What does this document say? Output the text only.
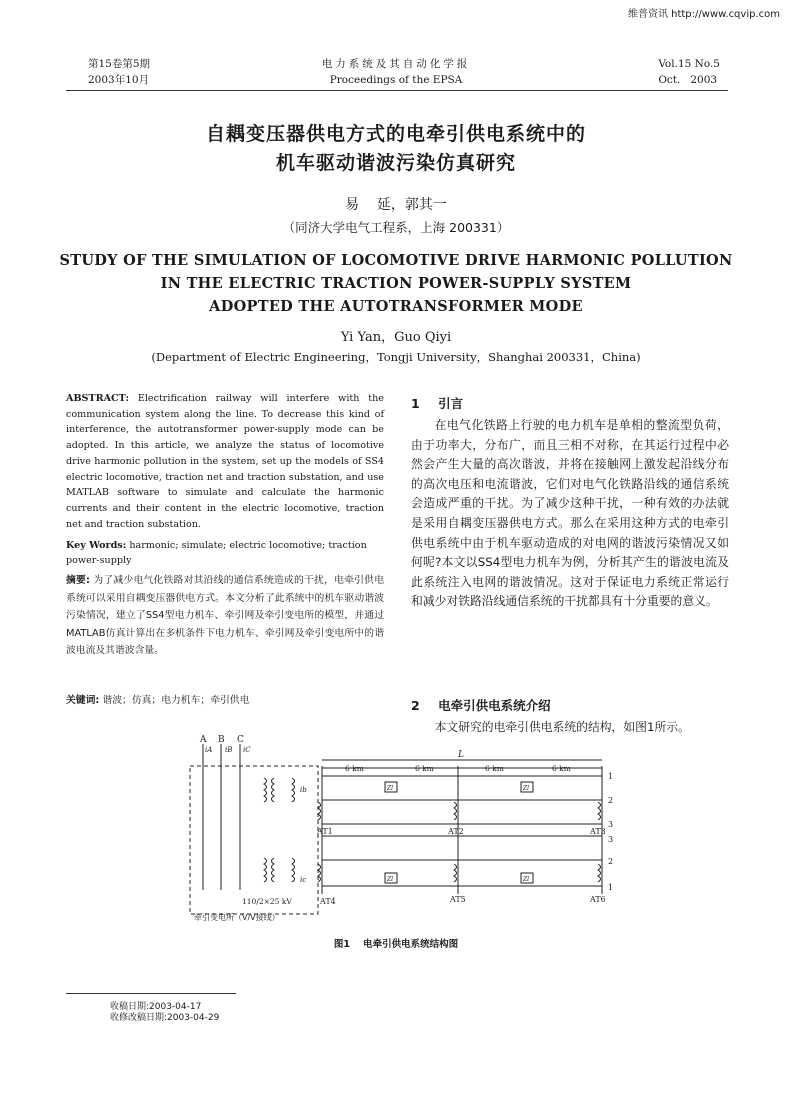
维普资讯 http://www.cqvip.com
第15卷第5期
2003年10月
电力系统及其自动化学报
Proceedings of the EPSA
Vol.15 No.5
Oct.   2003
自耦变压器供电方式的电牵引供电系统中的
机车驱动谐波污染仿真研究
易    延，郭其一
（同济大学电气工程系，上海 200331）
STUDY OF THE SIMULATION OF LOCOMOTIVE DRIVE HARMONIC POLLUTION
IN THE ELECTRIC TRACTION POWER-SUPPLY SYSTEM
ADOPTED THE AUTOTRANSFORMER MODE
Yi Yan，Guo Qiyi
(Department of Electric Engineering，Tongji University，Shanghai 200331，China)
ABSTRACT: Electrification railway will interfere with the communication system along the line. To decrease this kind of interference, the autotransformer power-supply mode can be adopted. In this article, we analyze the status of locomotive drive harmonic pollution in the system, set up the models of SS4 electric locomotive, traction net and traction substation, and use MATLAB software to simulate and calculate the harmonic currents and their content in the electric locomotive, traction net and traction substation.
Key Words: harmonic; simulate; electric locomotive; traction power-supply
摘要: 为了减少电气化铁路对其沿线的通信系统造成的干扰，电牵引供电系统可以采用自耦变压器供电方式。本文分析了此系统中的机车驱动谐波污染情况，建立了SS4型电力机车、牵引网及牵引变电所的模型，并通过MATLAB仿真计算出在多机条件下电力机车、牵引网及牵引变电所中的谐波电流及其谐波含量。
关键词: 谐波；仿真；电力机车；牵引供电
1 引言
在电气化铁路上行驶的电力机车是单相的整流型负荷，由于功率大，分布广，而且三相不对称，在其运行过程中必然会产生大量的高次谐波，并将在接触网上激发起沿线分布的高次电压和电流谐波，它们对电气化铁路沿线的通信系统会造成严重的干扰。为了减少这种干扰，一种有效的办法就是采用自耦变压器供电方式。那么在采用这种方式的电牵引供电系统中由于机车驱动造成的对电网的谐波污染情况又如何呢?本文以SS4型电力机车为例，分析其产生的谐波电流及此系统注入电网的谐波情况。这对于保证电力系统正常运行和减少对铁路沿线通信系统的干扰都具有十分重要的意义。
2 电牵引供电系统介绍
本文研究的电牵引供电系统的结构，如图1所示。
A B C
iA iB iC
ib
ic
L
6 km	6 km	6 km	6 km
Zl	Zl
Zl	Zl
1
2
3
3
2
1
AT1	AT2	AT3
AT4	AT5	AT6
110/2×25 kV
牵引变电所（V/V接线）
图1    电牵引供电系统结构图
收稿日期:2003-04-17
收修改稿日期:2003-04-29
